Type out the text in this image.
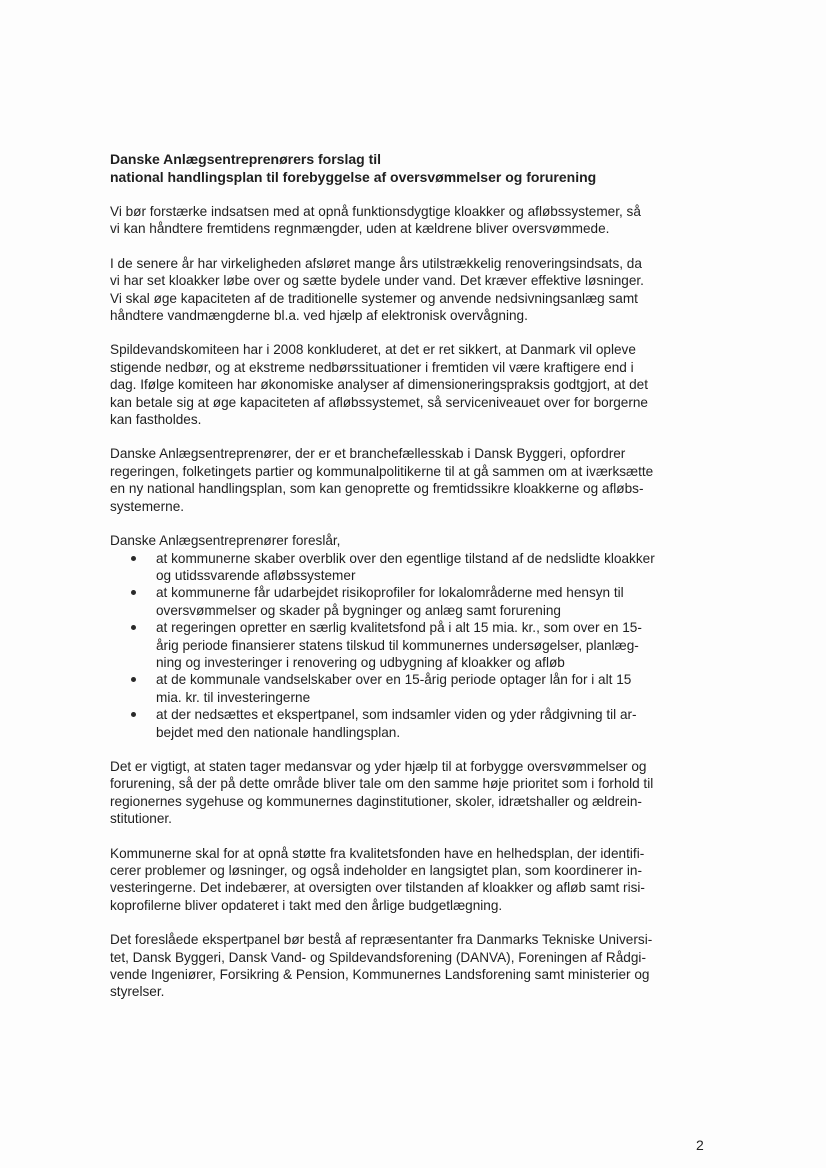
Danske Anlægsentreprenørers forslag til
national handlingsplan til forebyggelse af oversvømmelser og forurening

Vi bør forstærke indsatsen med at opnå funktionsdygtige kloakker og afløbssystemer, så
vi kan håndtere fremtidens regnmængder, uden at kældrene bliver oversvømmede.

I de senere år har virkeligheden afsløret mange års utilstrækkelig renoveringsindsats, da
vi har set kloakker løbe over og sætte bydele under vand. Det kræver effektive løsninger.
Vi skal øge kapaciteten af de traditionelle systemer og anvende nedsivningsanlæg samt
håndtere vandmængderne bl.a. ved hjælp af elektronisk overvågning.

Spildevandskomiteen har i 2008 konkluderet, at det er ret sikkert, at Danmark vil opleve
stigende nedbør, og at ekstreme nedbørssituationer i fremtiden vil være kraftigere end i
dag. Ifølge komiteen har økonomiske analyser af dimensioneringspraksis godtgjort, at det
kan betale sig at øge kapaciteten af afløbssystemet, så serviceniveauet over for borgerne
kan fastholdes.

Danske Anlægsentreprenører, der er et branchefællesskab i Dansk Byggeri, opfordrer
regeringen, folketingets partier og kommunalpolitikerne til at gå sammen om at iværksætte
en ny national handlingsplan, som kan genoprette og fremtidssikre kloakkerne og afløbs-
systemerne.

Danske Anlægsentreprenører foreslår,
at kommunerne skaber overblik over den egentlige tilstand af de nedslidte kloakker
og utidssvarende afløbssystemer
at kommunerne får udarbejdet risikoprofiler for lokalområderne med hensyn til
oversvømmelser og skader på bygninger og anlæg samt forurening
at regeringen opretter en særlig kvalitetsfond på i alt 15 mia. kr., som over en 15-
årig periode finansierer statens tilskud til kommunernes undersøgelser, planlæg-
ning og investeringer i renovering og udbygning af kloakker og afløb
at de kommunale vandselskaber over en 15-årig periode optager lån for i alt 15
mia. kr. til investeringerne
at der nedsættes et ekspertpanel, som indsamler viden og yder rådgivning til ar-
bejdet med den nationale handlingsplan.

Det er vigtigt, at staten tager medansvar og yder hjælp til at forbygge oversvømmelser og
forurening, så der på dette område bliver tale om den samme høje prioritet som i forhold til
regionernes sygehuse og kommunernes daginstitutioner, skoler, idrætshaller og ældrein-
stitutioner.

Kommunerne skal for at opnå støtte fra kvalitetsfonden have en helhedsplan, der identifi-
cerer problemer og løsninger, og også indeholder en langsigtet plan, som koordinerer in-
vesteringerne. Det indebærer, at oversigten over tilstanden af kloakker og afløb samt risi-
koprofilerne bliver opdateret i takt med den årlige budgetlægning.

Det foreslåede ekspertpanel bør bestå af repræsentanter fra Danmarks Tekniske Universi-
tet, Dansk Byggeri, Dansk Vand- og Spildevandsforening (DANVA), Foreningen af Rådgi-
vende Ingeniører, Forsikring & Pension, Kommunernes Landsforening samt ministerier og
styrelser.

2
